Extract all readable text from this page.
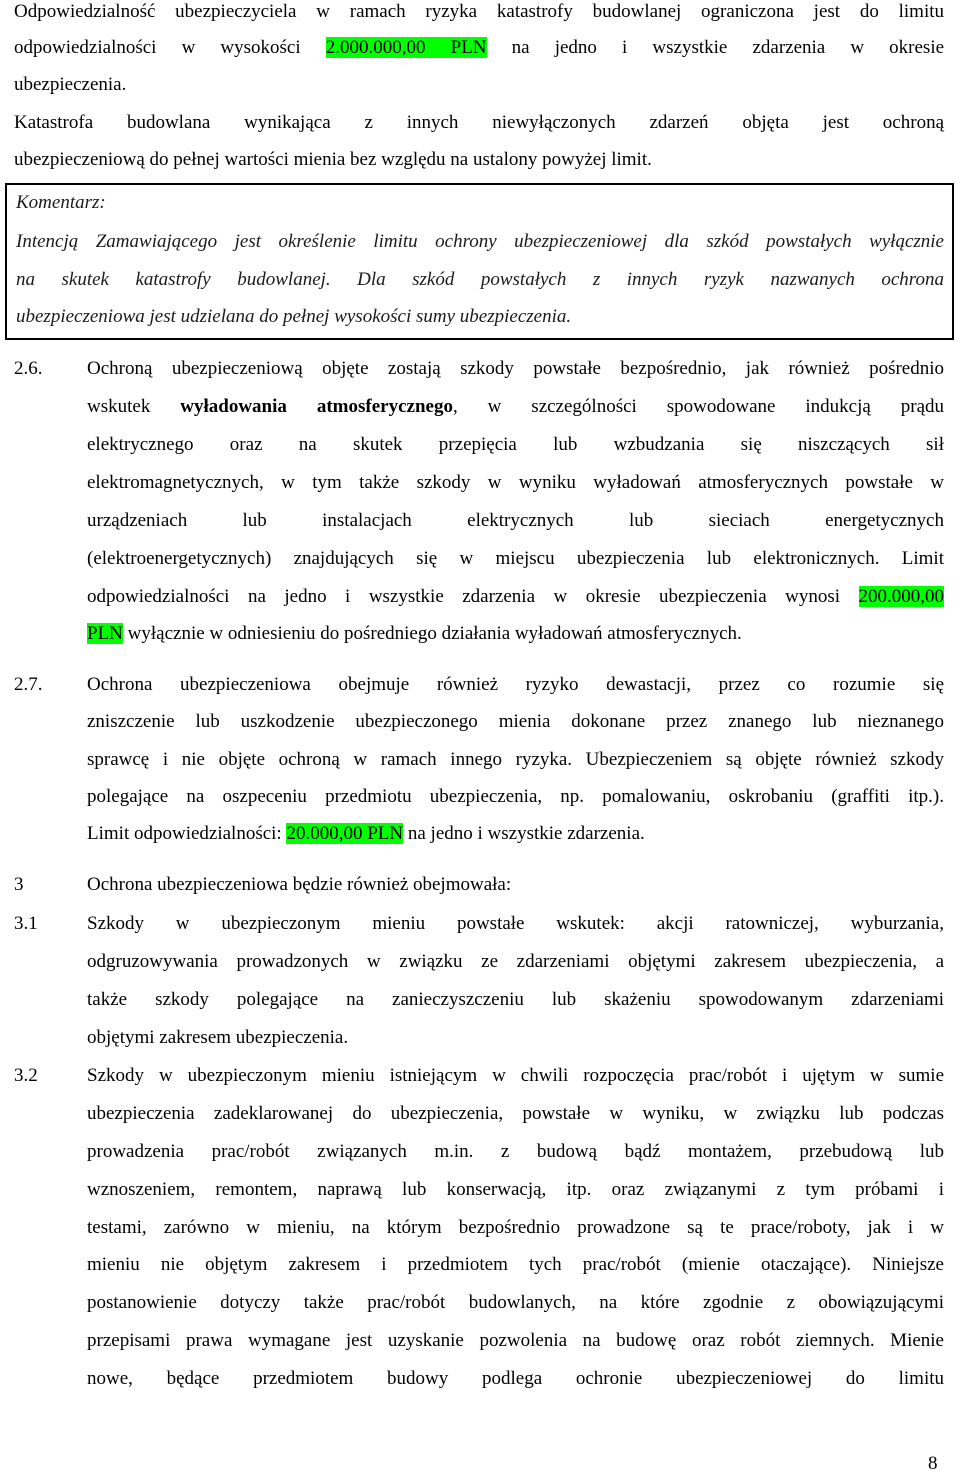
Odpowiedzialność ubezpieczyciela w ramach ryzyka katastrofy budowlanej ograniczona jest do limitu
odpowiedzialności w wysokości 2.000.000,00 PLN na jedno i wszystkie zdarzenia w okresie
ubezpieczenia.
Katastrofa budowlana wynikająca z innych niewyłączonych zdarzeń objęta jest ochroną
ubezpieczeniową do pełnej wartości mienia bez względu na ustalony powyżej limit.
Komentarz:
Intencją Zamawiającego jest określenie limitu ochrony ubezpieczeniowej dla szkód powstałych wyłącznie
na skutek katastrofy budowlanej. Dla szkód powstałych z innych ryzyk nazwanych ochrona
ubezpieczeniowa jest udzielana do pełnej wysokości sumy ubezpieczenia.
2.6. Ochroną ubezpieczeniową objęte zostają szkody powstałe bezpośrednio, jak również pośrednio
wskutek wyładowania atmosferycznego, w szczególności spowodowane indukcją prądu
elektrycznego oraz na skutek przepięcia lub wzbudzania się niszczących sił
elektromagnetycznych, w tym także szkody w wyniku wyładowań atmosferycznych powstałe w
urządzeniach lub instalacjach elektrycznych lub sieciach energetycznych
(elektroenergetycznych) znajdujących się w miejscu ubezpieczenia lub elektronicznych. Limit
odpowiedzialności na jedno i wszystkie zdarzenia w okresie ubezpieczenia wynosi 200.000,00
PLN wyłącznie w odniesieniu do pośredniego działania wyładowań atmosferycznych.
2.7. Ochrona ubezpieczeniowa obejmuje również ryzyko dewastacji, przez co rozumie się
zniszczenie lub uszkodzenie ubezpieczonego mienia dokonane przez znanego lub nieznanego
sprawcę i nie objęte ochroną w ramach innego ryzyka. Ubezpieczeniem są objęte również szkody
polegające na oszpeceniu przedmiotu ubezpieczenia, np. pomalowaniu, oskrobaniu (graffiti itp.).
Limit odpowiedzialności: 20.000,00 PLN na jedno i wszystkie zdarzenia.
3	Ochrona ubezpieczeniowa będzie również obejmowała:
3.1	Szkody w ubezpieczonym mieniu powstałe wskutek: akcji ratowniczej, wyburzania,
odgruzowywania prowadzonych w związku ze zdarzeniami objętymi zakresem ubezpieczenia, a
także szkody polegające na zanieczyszczeniu lub skażeniu spowodowanym zdarzeniami
objętymi zakresem ubezpieczenia.
3.2	Szkody w ubezpieczonym mieniu istniejącym w chwili rozpoczęcia prac/robót i ujętym w sumie
ubezpieczenia zadeklarowanej do ubezpieczenia, powstałe w wyniku, w związku lub podczas
prowadzenia prac/robót związanych m.in. z budową bądź montażem, przebudową lub
wznoszeniem, remontem, naprawą lub konserwacją, itp. oraz związanymi z tym próbami i
testami, zarówno w mieniu, na którym bezpośrednio prowadzone są te prace/roboty, jak i w
mieniu nie objętym zakresem i przedmiotem tych prac/robót (mienie otaczające). Niniejsze
postanowienie dotyczy także prac/robót budowlanych, na które zgodnie z obowiązującymi
przepisami prawa wymagane jest uzyskanie pozwolenia na budowę oraz robót ziemnych. Mienie
nowe, będące przedmiotem budowy podlega ochronie ubezpieczeniowej do limitu
8
